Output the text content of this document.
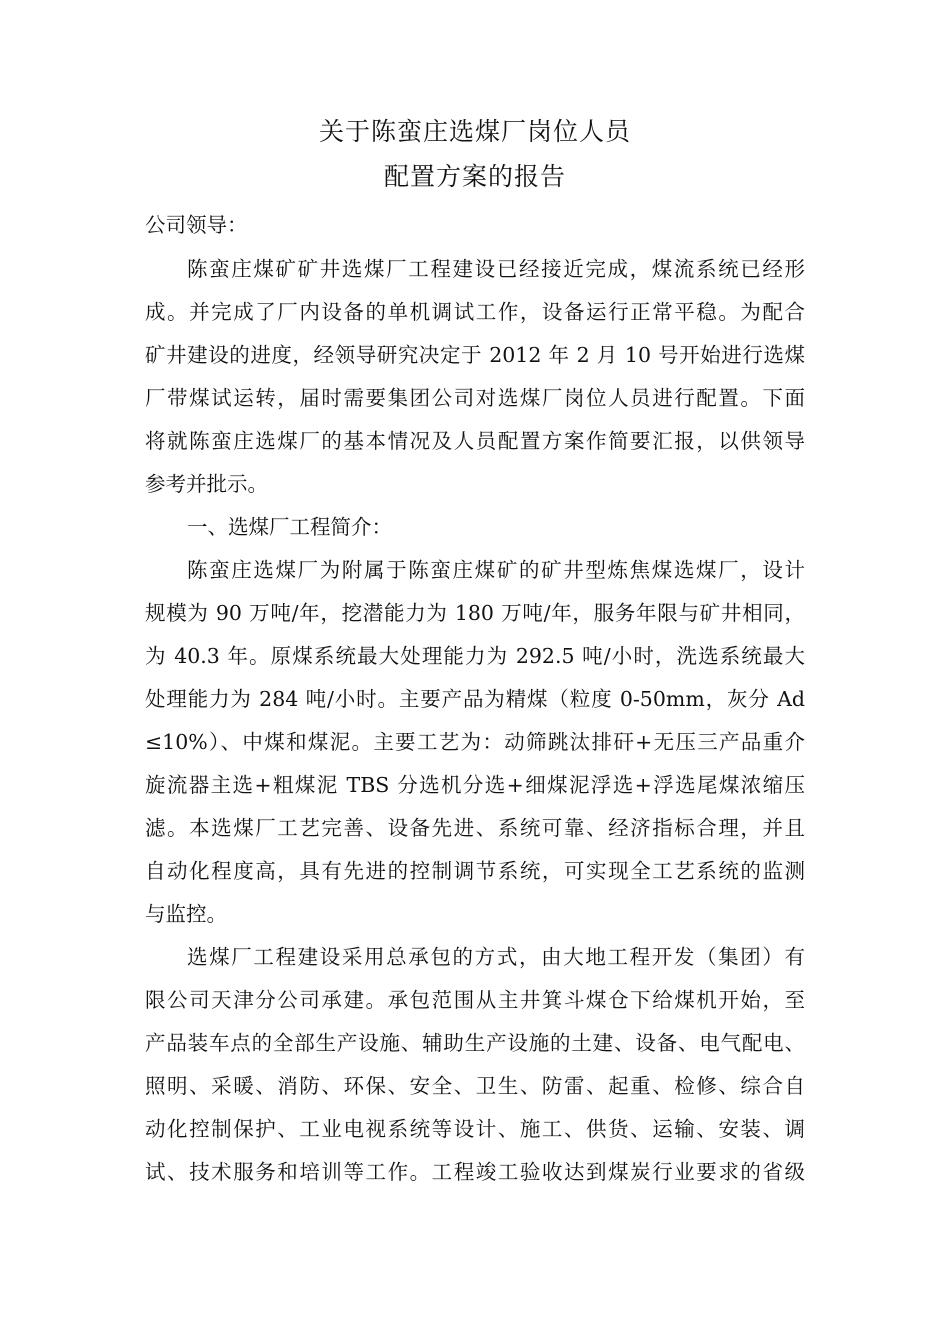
关于陈蛮庄选煤厂岗位人员
配置方案的报告
公司领导：
陈蛮庄煤矿矿井选煤厂工程建设已经接近完成，煤流系统已经形
成。并完成了厂内设备的单机调试工作，设备运行正常平稳。为配合
矿井建设的进度，经领导研究决定于 2012 年 2 月 10 号开始进行选煤
厂带煤试运转，届时需要集团公司对选煤厂岗位人员进行配置。下面
将就陈蛮庄选煤厂的基本情况及人员配置方案作简要汇报，以供领导
参考并批示。
一、选煤厂工程简介：
陈蛮庄选煤厂为附属于陈蛮庄煤矿的矿井型炼焦煤选煤厂，设计
规模为 90 万吨/年，挖潜能力为 180 万吨/年，服务年限与矿井相同，
为 40.3 年。原煤系统最大处理能力为 292.5 吨/小时，洗选系统最大
处理能力为 284 吨/小时。主要产品为精煤（粒度 0-50mm，灰分 Ad
≤10%）、中煤和煤泥。主要工艺为：动筛跳汰排矸+无压三产品重介
旋流器主选+粗煤泥 TBS 分选机分选+细煤泥浮选+浮选尾煤浓缩压
滤。本选煤厂工艺完善、设备先进、系统可靠、经济指标合理，并且
自动化程度高，具有先进的控制调节系统，可实现全工艺系统的监测
与监控。
选煤厂工程建设采用总承包的方式，由大地工程开发（集团）有
限公司天津分公司承建。承包范围从主井箕斗煤仓下给煤机开始，至
产品装车点的全部生产设施、辅助生产设施的土建、设备、电气配电、
照明、采暖、消防、环保、安全、卫生、防雷、起重、检修、综合自
动化控制保护、工业电视系统等设计、施工、供货、运输、安装、调
试、技术服务和培训等工作。工程竣工验收达到煤炭行业要求的省级
